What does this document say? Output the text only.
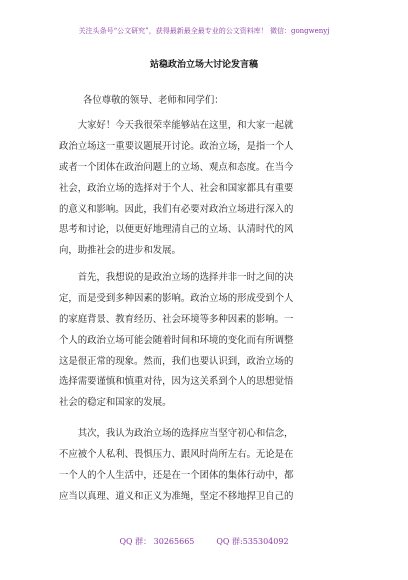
关注头条号“公文研究”，获得最新最全最专业的公文资料库！ 微信：gongwenyj
站稳政治立场大讨论发言稿
各位尊敬的领导、老师和同学们：
　　大家好！今天我很荣幸能够站在这里，和大家一起就
政治立场这一重要议题展开讨论。政治立场，是指一个人
或者一个团体在政治问题上的立场、观点和态度。在当今
社会，政治立场的选择对于个人、社会和国家都具有重要
的意义和影响。因此，我们有必要对政治立场进行深入的
思考和讨论，以便更好地理清自己的立场、认清时代的风
向，助推社会的进步和发展。
　　首先，我想说的是政治立场的选择并非一时之间的决
定，而是受到多种因素的影响。政治立场的形成受到个人
的家庭背景、教育经历、社会环境等多种因素的影响。一
个人的政治立场可能会随着时间和环境的变化而有所调整
这是很正常的现象。然而，我们也要认识到，政治立场的
选择需要谨慎和慎重对待，因为这关系到个人的思想觉悟
社会的稳定和国家的发展。
　　其次，我认为政治立场的选择应当坚守初心和信念，
不应被个人私利、畏惧压力、跟风时尚所左右。无论是在
一个人的个人生活中，还是在一个团体的集体行动中，都
应当以真理、道义和正义为准绳，坚定不移地捍卫自己的
QQ 群： 30265665	QQ 群:535304092
